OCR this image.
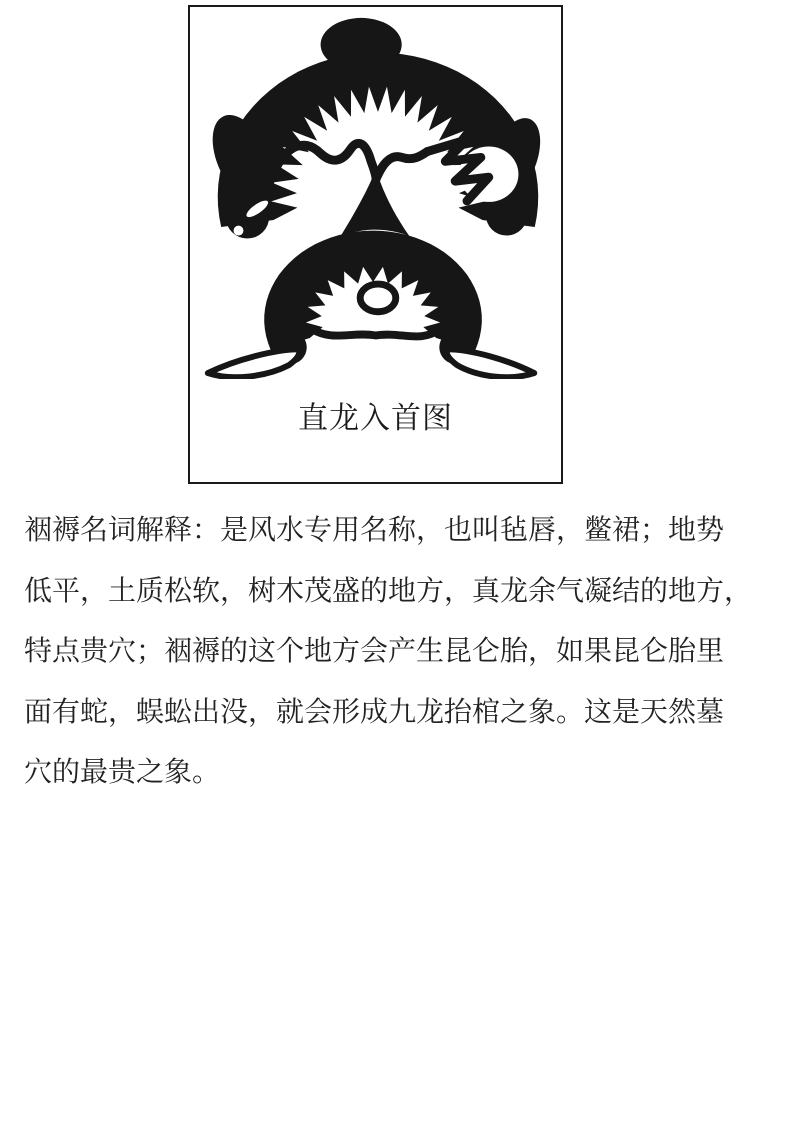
直龙入首图
裀褥名词解释：是风水专用名称，也叫毡唇，鳖裙；地势
低平，土质松软，树木茂盛的地方，真龙余气凝结的地方，
特点贵穴；裀褥的这个地方会产生昆仑胎，如果昆仑胎里
面有蛇，蜈蚣出没，就会形成九龙抬棺之象。这是天然墓
穴的最贵之象。
